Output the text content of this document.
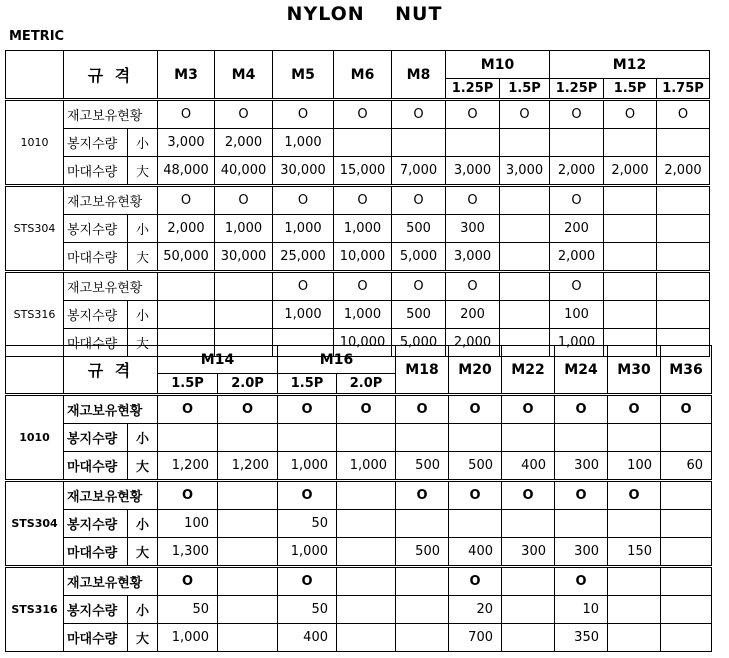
NYLON    NUT
METRIC
	규 격		M3	M4	M5	M6	M8	M10		M12		
								1.25P	1.5P	1.25P	1.5P	1.75P
1010	재고보유현황		O	O	O	O	O	O	O	O	O	O
	봉지수량	小	3,000	2,000	1,000							
	마대수량	大	48,000	40,000	30,000	15,000	7,000	3,000	3,000	2,000	2,000	2,000
STS304	재고보유현황		O	O	O	O	O	O		O		
	봉지수량	小	2,000	1,000	1,000	1,000	500	300		200		
	마대수량	大	50,000	30,000	25,000	10,000	5,000	3,000		2,000		
STS316	재고보유현황				O	O	O	O		O		
	봉지수량	小			1,000	1,000	500	200		100		
	마대수량	大				10,000	5,000	2,000		1,000		
	규 격		M14		M16		M18	M20	M22	M24	M30	M36
			1.5P	2.0P	1.5P	2.0P						
1010	재고보유현황		O	O	O	O	O	O	O	O	O	O
	봉지수량	小										
	마대수량	大	1,200	1,200	1,000	1,000	500	500	400	300	100	60
STS304	재고보유현황		O		O		O	O	O	O	O	
	봉지수량	小	100		50							
	마대수량	大	1,300		1,000		500	400	300	300	150	
STS316	재고보유현황		O		O			O		O		
	봉지수량	小	50		50			20		10		
	마대수량	大	1,000		400			700		350		
